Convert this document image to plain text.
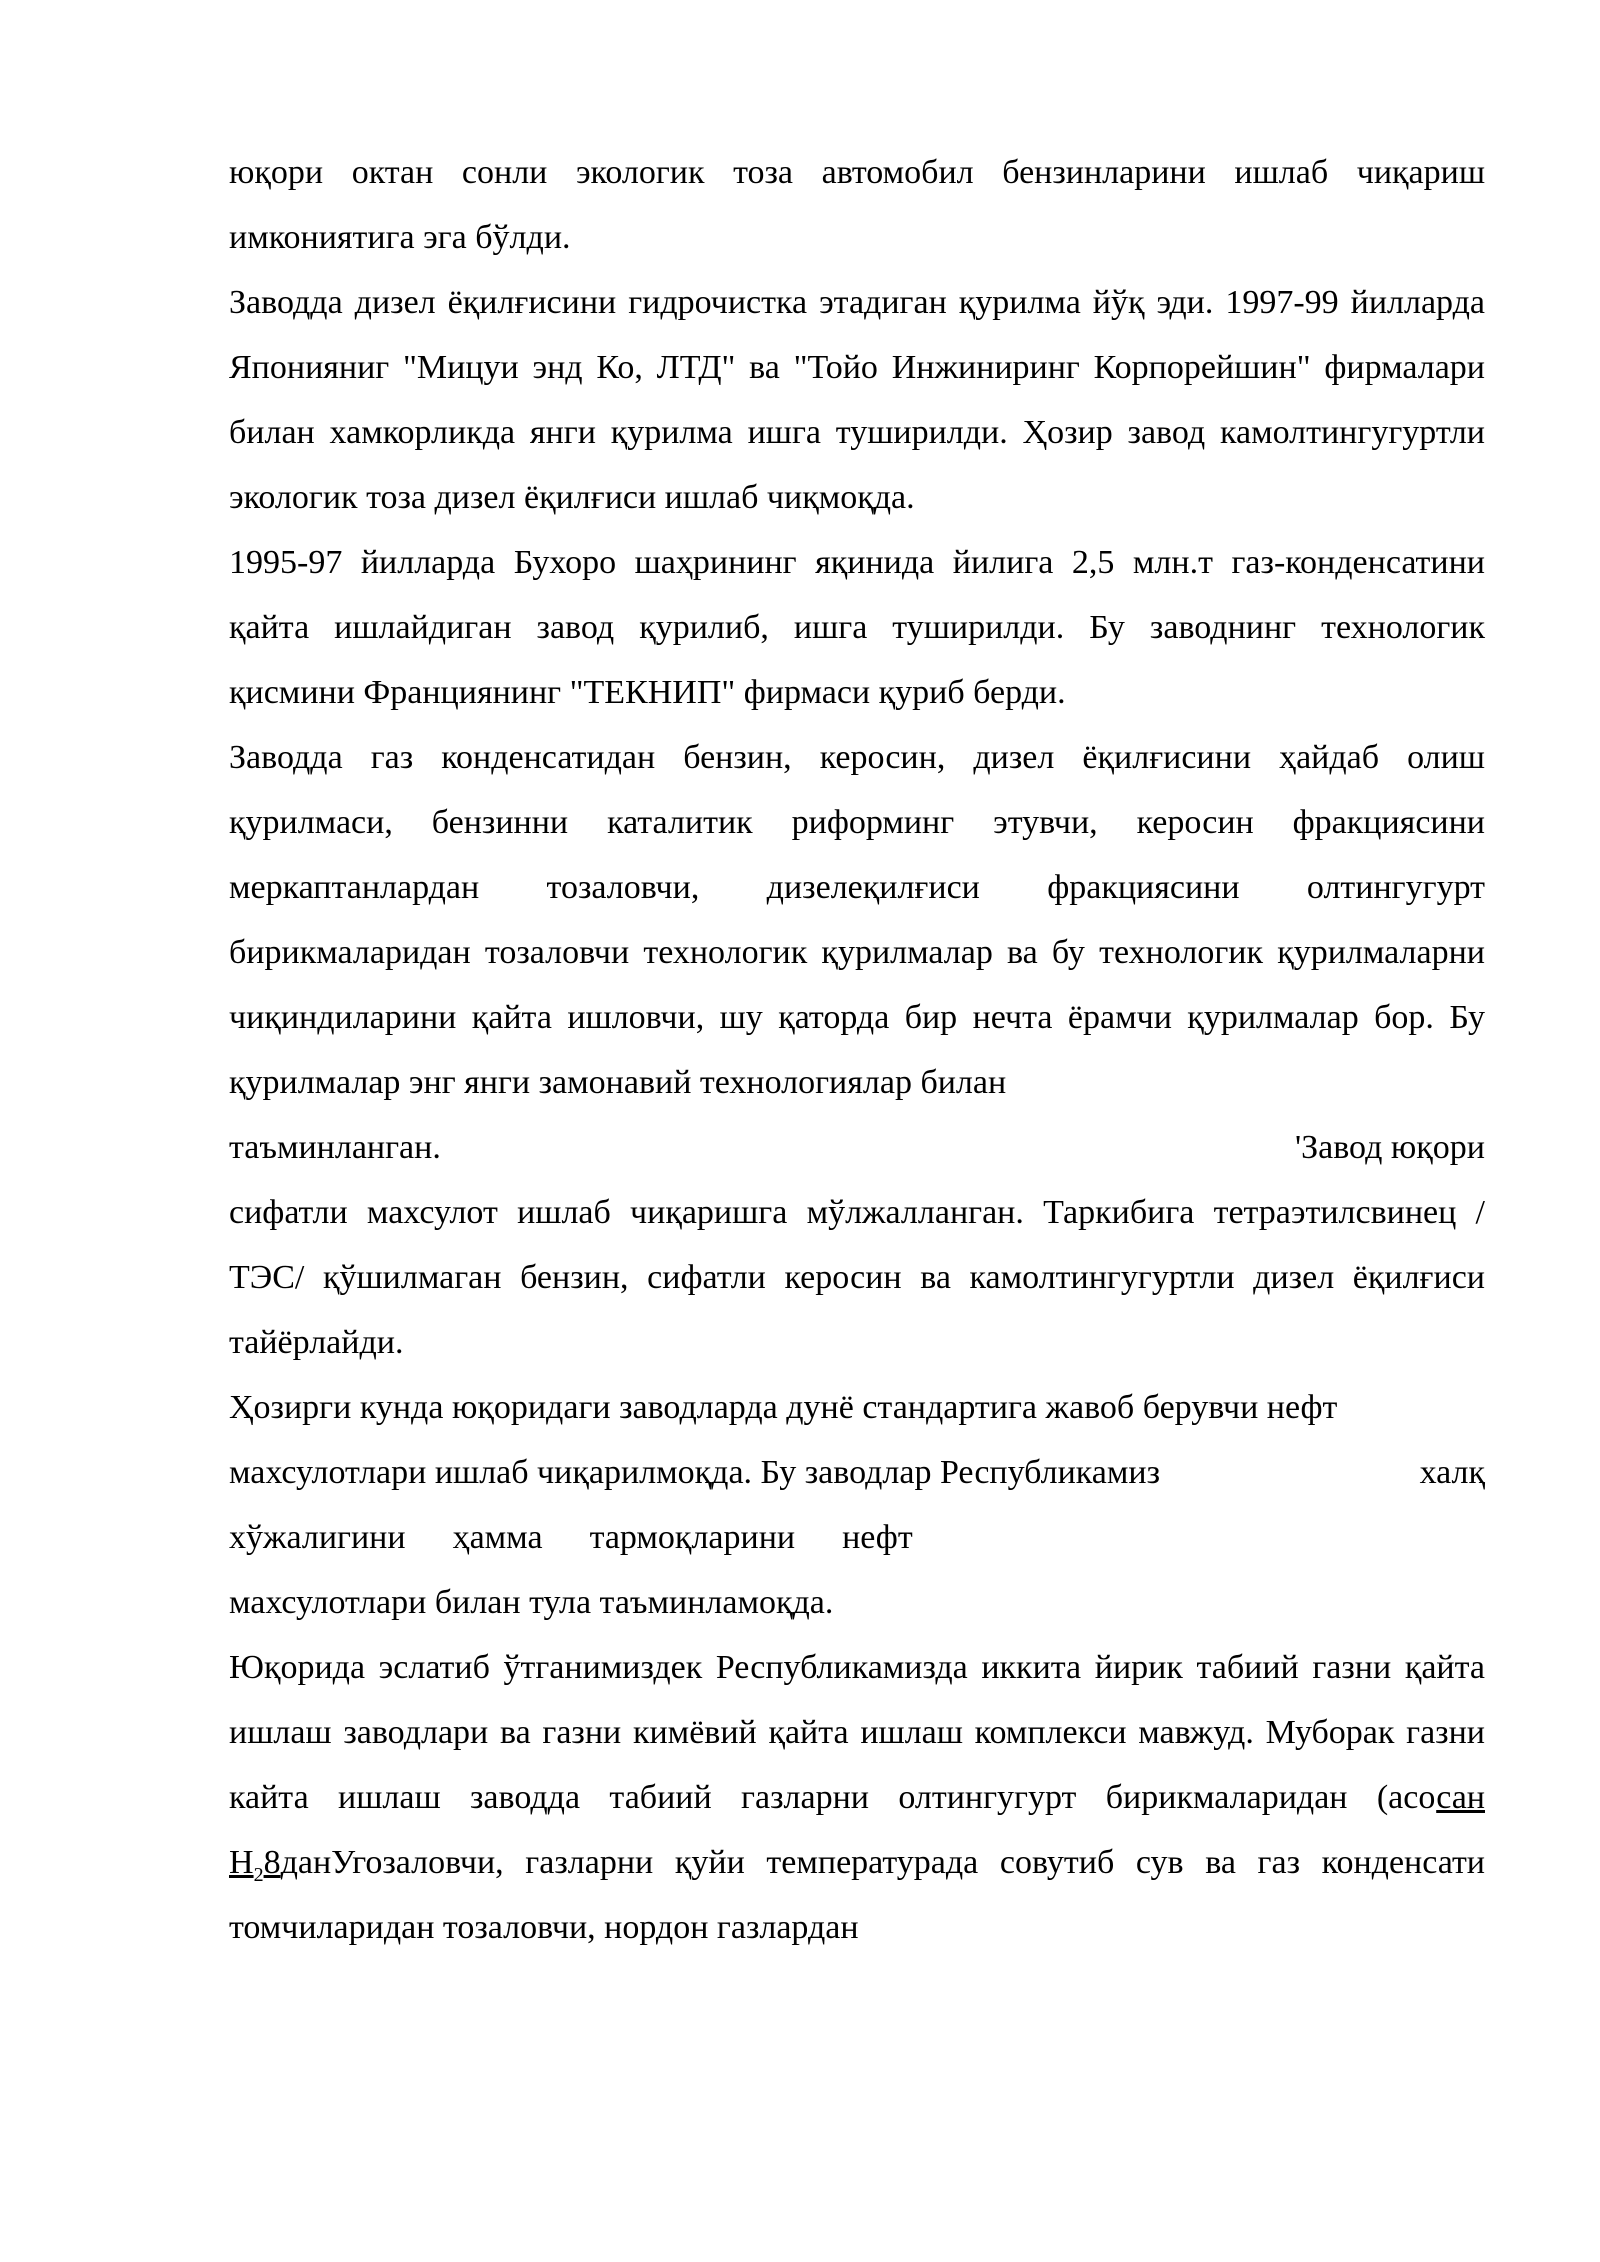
юқори октан сонли экологик тоза автомобил бензинларини ишлаб чиқариш имкониятига эга бўлди.

Заводда дизел ёқилғисини гидрочистка этадиган қурилма йўқ эди. 1997-99 йилларда Японияниг "Мицуи энд Ко, ЛТД" ва "Тойо Инжиниринг Корпорейшин" фирмалари билан хамкорликда янги қурилма ишга туширилди. Ҳозир завод камолтингугуртли экологик тоза дизел ёқилғиси ишлаб чиқмоқда.

1995-97 йилларда Бухоро шаҳрининг яқинида йилига 2,5 млн.т газ-конденсатини қайта ишлайдиган завод қурилиб, ишга туширилди. Бу заводнинг технологик қисмини Франциянинг "ТЕКНИП" фирмаси қуриб берди.

Заводда газ конденсатидан бензин, керосин, дизел ёқилғисини ҳайдаб олиш қурилмаси, бензинни каталитик риформинг этувчи, керосин фракциясини меркаптанлардан тозаловчи, дизелеқилғиси фракциясини олтингугурт бирикмаларидан тозаловчи технологик қурилмалар ва бу технологик қурилмаларни чиқиндиларини қайта ишловчи, шу қаторда бир нечта ёрамчи қурилмалар бор. Бу қурилмалар энг янги замонавий технологиялар билан

таъминланган.	'Завод юқори

сифатли махсулот ишлаб чиқаришга мўлжалланган. Таркибига тетраэтилсвинец /ТЭС/ қўшилмаган бензин, сифатли керосин ва камолтингугуртли дизел ёқилғиси тайёрлайди.

Ҳозирги кунда юқоридаги заводларда дунё стандартига жавоб берувчи нефт

махсулотлари ишлаб чиқарилмоқда. Бу заводлар Республикамиз	халқ
хўжалигини ҳамма тармоқларини нефт

махсулотлари билан тула таъминламоқда.

Юқорида эслатиб ўтганимиздек Республикамизда иккита йирик табиий газни қайта ишлаш заводлари ва газни кимёвий қайта ишлаш комплекси мавжуд. Муборак газни кайта ишлаш заводда табиий газларни олтингугурт бирикмаларидан (асосан $H_28данУгозаловчи$, газларни қуйи температурада совутиб сув ва газ конденсати томчиларидан тозаловчи, нордон газлардан
